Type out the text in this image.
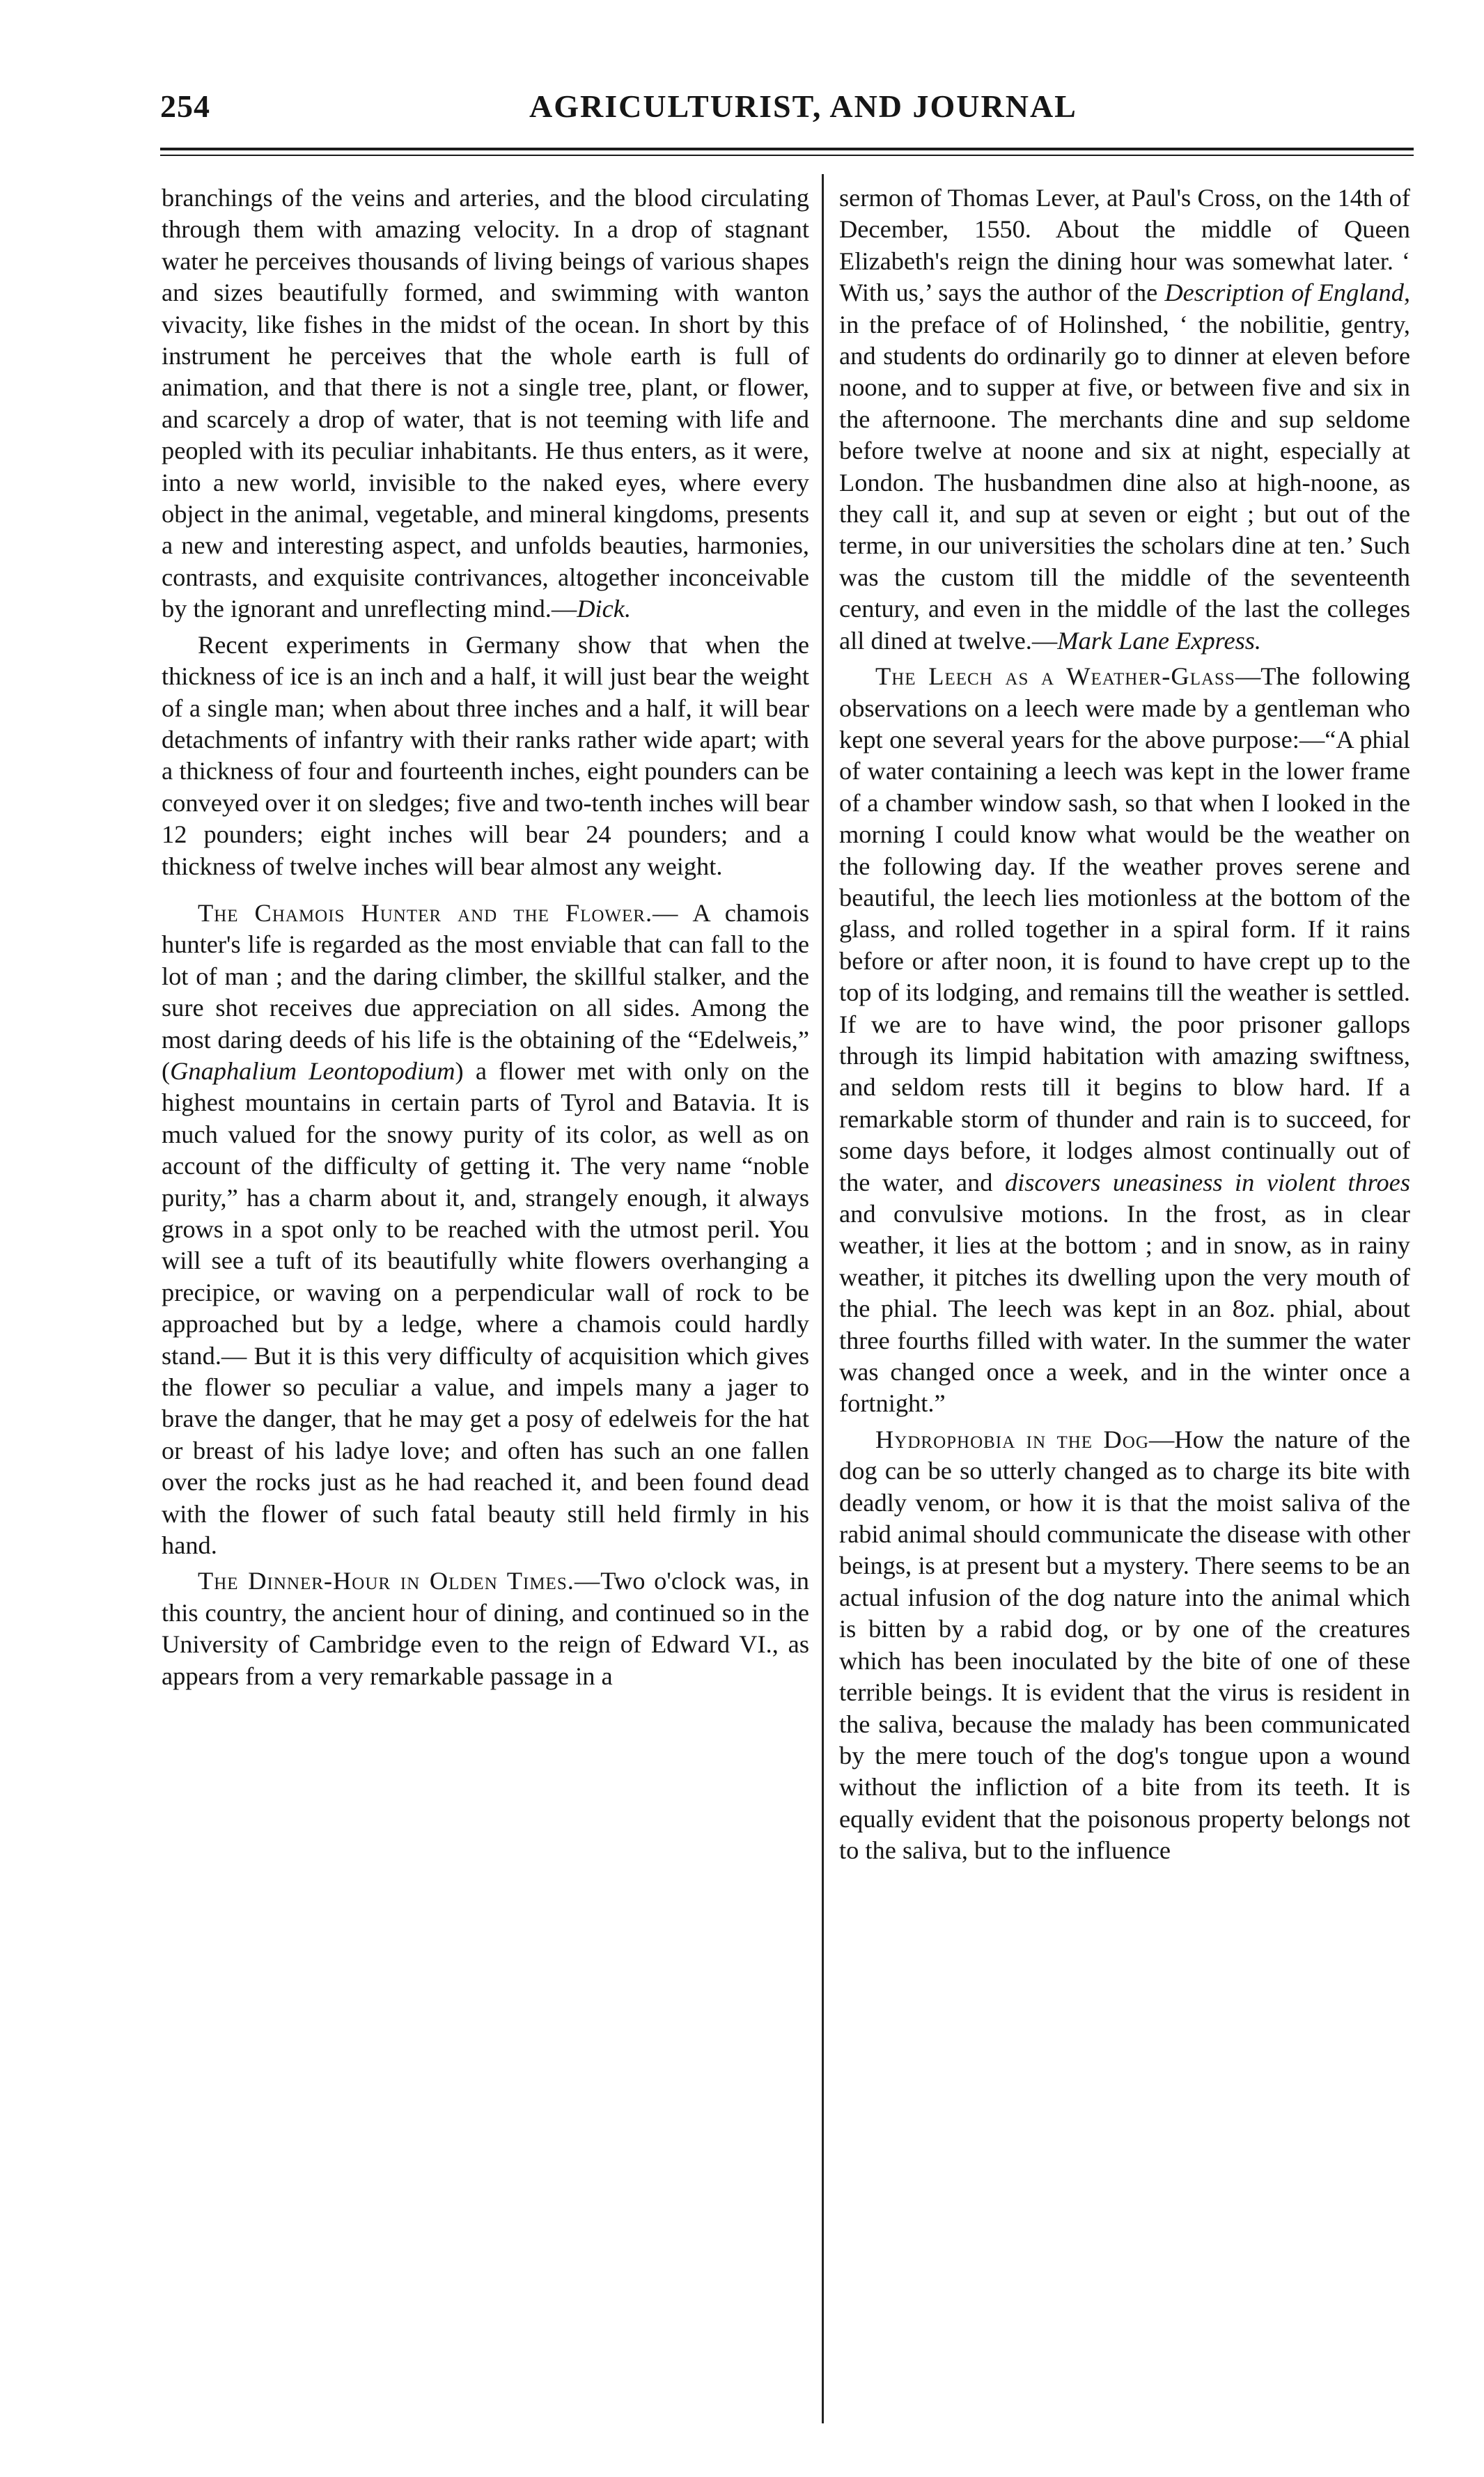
254	AGRICULTURIST, AND JOURNAL

branchings of the veins and arteries, and the blood circulating through them with amazing velocity. In a drop of stagnant water he perceives thousands of living beings of various shapes and sizes beautifully formed, and swimming with wanton vivacity, like fishes in the midst of the ocean. In short by this instrument he perceives that the whole earth is full of animation, and that there is not a single tree, plant, or flower, and scarcely a drop of water, that is not teeming with life and peopled with its peculiar inhabitants. He thus enters, as it were, into a new world, invisible to the naked eyes, where every object in the animal, vegetable, and mineral kingdoms, presents a new and interesting aspect, and unfolds beauties, harmonies, contrasts, and exquisite contrivances, altogether inconceivable by the ignorant and unreflecting mind.—Dick.

Recent experiments in Germany show that when the thickness of ice is an inch and a half, it will just bear the weight of a single man; when about three inches and a half, it will bear detachments of infantry with their ranks rather wide apart; with a thickness of four and fourteenth inches, eight pounders can be conveyed over it on sledges; five and two-tenth inches will bear 12 pounders; eight inches will bear 24 pounders; and a thickness of twelve inches will bear almost any weight.

The Chamois Hunter and the Flower.— A chamois hunter's life is regarded as the most enviable that can fall to the lot of man ; and the daring climber, the skillful stalker, and the sure shot receives due appreciation on all sides. Among the most daring deeds of his life is the obtaining of the “Edelweis,” (Gnaphalium Leontopodium) a flower met with only on the highest mountains in certain parts of Tyrol and Batavia. It is much valued for the snowy purity of its color, as well as on account of the difficulty of getting it. The very name “noble purity,” has a charm about it, and, strangely enough, it always grows in a spot only to be reached with the utmost peril. You will see a tuft of its beautifully white flowers overhanging a precipice, or waving on a perpendicular wall of rock to be approached but by a ledge, where a chamois could hardly stand.— But it is this very difficulty of acquisition which gives the flower so peculiar a value, and impels many a jager to brave the danger, that he may get a posy of edelweis for the hat or breast of his ladye love; and often has such an one fallen over the rocks just as he had reached it, and been found dead with the flower of such fatal beauty still held firmly in his hand.

The Dinner-Hour in Olden Times.—Two o'clock was, in this country, the ancient hour of dining, and continued so in the University of Cambridge even to the reign of Edward VI., as appears from a very remarkable passage in a

sermon of Thomas Lever, at Paul's Cross, on the 14th of December, 1550. About the middle of Queen Elizabeth's reign the dining hour was somewhat later. ‘ With us,’ says the author of the Description of England, in the preface of of Holinshed, ‘ the nobilitie, gentry, and students do ordinarily go to dinner at eleven before noone, and to supper at five, or between five and six in the afternoone. The merchants dine and sup seldome before twelve at noone and six at night, especially at London. The husbandmen dine also at high-noone, as they call it, and sup at seven or eight ; but out of the terme, in our universities the scholars dine at ten.’ Such was the custom till the middle of the seventeenth century, and even in the middle of the last the colleges all dined at twelve.—Mark Lane Express.

The Leech as a Weather-Glass—The following observations on a leech were made by a gentleman who kept one several years for the above purpose:—“A phial of water containing a leech was kept in the lower frame of a chamber window sash, so that when I looked in the morning I could know what would be the weather on the following day. If the weather proves serene and beautiful, the leech lies motionless at the bottom of the glass, and rolled together in a spiral form. If it rains before or after noon, it is found to have crept up to the top of its lodging, and remains till the weather is settled. If we are to have wind, the poor prisoner gallops through its limpid habitation with amazing swiftness, and seldom rests till it begins to blow hard. If a remarkable storm of thunder and rain is to succeed, for some days before, it lodges almost continually out of the water, and discovers uneasiness in violent throes and convulsive motions. In the frost, as in clear weather, it lies at the bottom ; and in snow, as in rainy weather, it pitches its dwelling upon the very mouth of the phial. The leech was kept in an 8oz. phial, about three fourths filled with water. In the summer the water was changed once a week, and in the winter once a fortnight.”

Hydrophobia in the Dog—How the nature of the dog can be so utterly changed as to charge its bite with deadly venom, or how it is that the moist saliva of the rabid animal should communicate the disease with other beings, is at present but a mystery. There seems to be an actual infusion of the dog nature into the animal which is bitten by a rabid dog, or by one of the creatures which has been inoculated by the bite of one of these terrible beings. It is evident that the virus is resident in the saliva, because the malady has been communicated by the mere touch of the dog's tongue upon a wound without the infliction of a bite from its teeth. It is equally evident that the poisonous property belongs not to the saliva, but to the influence
